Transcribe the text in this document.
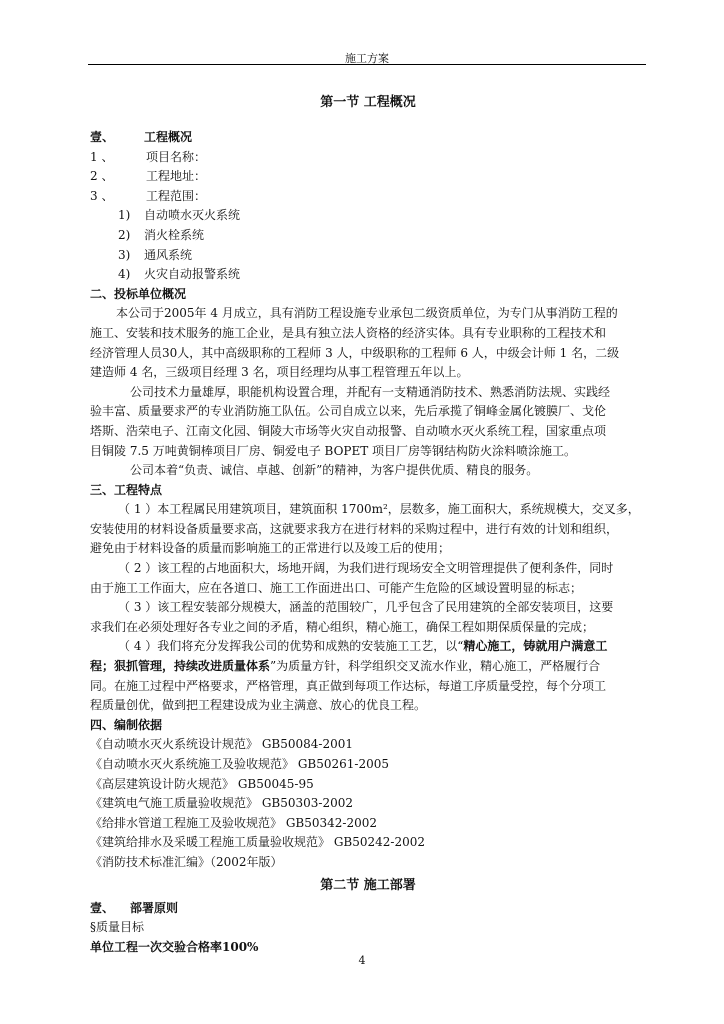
施工方案
第一节 工程概况
壹、 工程概况
1 、	项目名称：
2 、	工程地址：
3 、	工程范围：
1) 自动喷水灭火系统
2) 消火栓系统
3) 通风系统
4) 火灾自动报警系统
二、投标单位概况
本公司于2005年 4 月成立，具有消防工程设施专业承包二级资质单位，为专门从事消防工程的
施工、安装和技术服务的施工企业，是具有独立法人资格的经济实体。具有专业职称的工程技术和
经济管理人员30人，其中高级职称的工程师 3 人，中级职称的工程师 6 人，中级会计师 1 名，二级
建造师 4 名，三级项目经理 3 名，项目经理均从事工程管理五年以上。
公司技术力量雄厚，职能机构设置合理，并配有一支精通消防技术、熟悉消防法规、实践经
验丰富、质量要求严的专业消防施工队伍。公司自成立以来，先后承揽了铜峰金属化镀膜厂、戈伦
塔斯、浩荣电子、江南文化园、铜陵大市场等火灾自动报警、自动喷水灭火系统工程，国家重点项
目铜陵 7.5 万吨黄铜棒项目厂房、铜爱电子 BOPET 项目厂房等钢结构防火涂料喷涂施工。
公司本着“负责、诚信、卓越、创新”的精神，为客户提供优质、精良的服务。
三、工程特点
（ 1 ）本工程属民用建筑项目，建筑面积 1700m²，层数多，施工面积大，系统规模大，交叉多，
安装使用的材料设备质量要求高，这就要求我方在进行材料的采购过程中，进行有效的计划和组织，
避免由于材料设备的质量而影响施工的正常进行以及竣工后的使用；
（ 2 ）该工程的占地面积大，场地开阔，为我们进行现场安全文明管理提供了便利条件，同时
由于施工工作面大，应在各道口、施工工作面进出口、可能产生危险的区域设置明显的标志；
（ 3 ）该工程安装部分规模大，涵盖的范围较广，几乎包含了民用建筑的全部安装项目，这要
求我们在必须处理好各专业之间的矛盾，精心组织，精心施工，确保工程如期保质保量的完成；
（ 4 ）我们将充分发挥我公司的优势和成熟的安装施工工艺，以“精心施工，铸就用户满意工
程；狠抓管理，持续改进质量体系”为质量方针，科学组织交叉流水作业，精心施工，严格履行合
同。在施工过程中严格要求，严格管理，真正做到每项工作达标，每道工序质量受控，每个分项工
程质量创优，做到把工程建设成为业主满意、放心的优良工程。
四、编制依据
《自动喷水灭火系统设计规范》 GB50084-2001
《自动喷水灭火系统施工及验收规范》 GB50261-2005
《高层建筑设计防火规范》 GB50045-95
《建筑电气施工质量验收规范》 GB50303-2002
《给排水管道工程施工及验收规范》 GB50342-2002
《建筑给排水及采暖工程施工质量验收规范》 GB50242-2002
《消防技术标准汇编》（2002年版）
第二节 施工部署
壹、 部署原则
§质量目标
单位工程一次交验合格率100%
4
